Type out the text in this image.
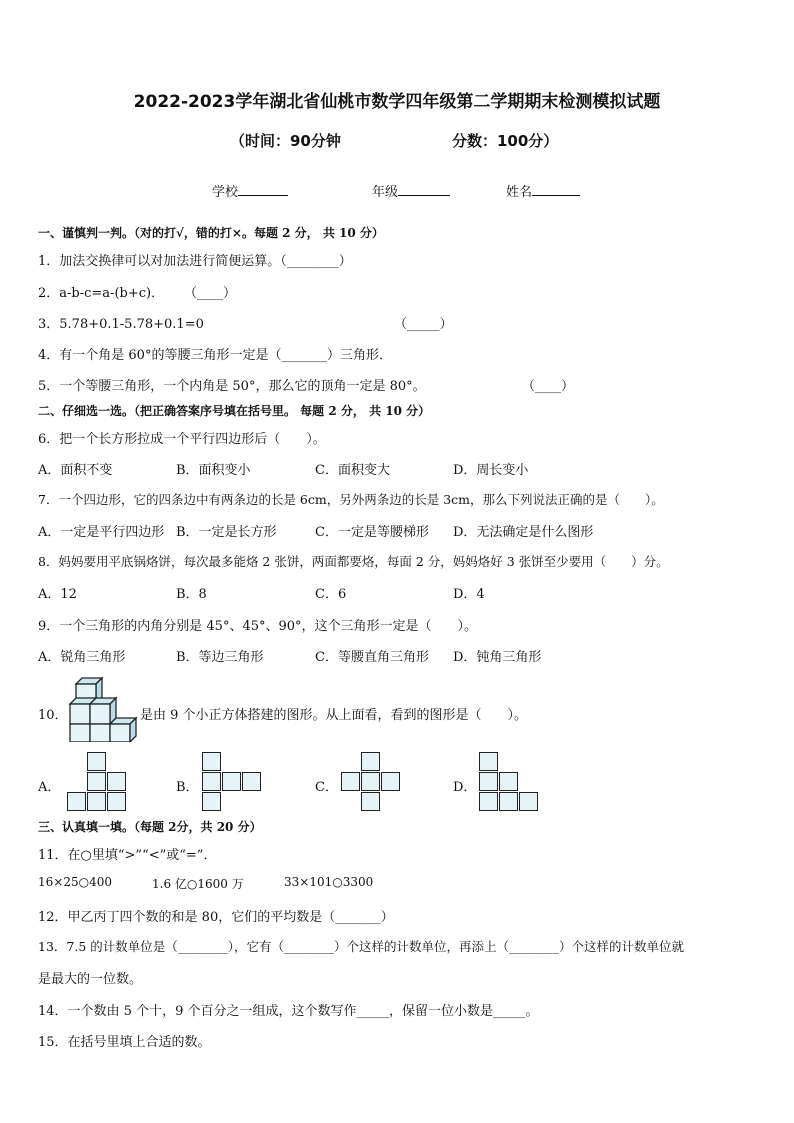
2022-2023学年湖北省仙桃市数学四年级第二学期期末检测模拟试题
（时间：90分钟	分数：100分）
学校	年级	姓名
一、谨慎判一判。（对的打√，错的打×。每题 2 分， 共 10 分）
1．加法交换律可以对加法进行简便运算。（________）
2．a-b-c=a-(b+c)． （____）
3．5.78+0.1-5.78+0.1=0	（_____）
4．有一个角是 60°的等腰三角形一定是（_______）三角形．
5．一个等腰三角形，一个内角是 50°，那么它的顶角一定是 80°。	（____）
二、仔细选一选。（把正确答案序号填在括号里。 每题 2 分， 共 10 分）
6．把一个长方形拉成一个平行四边形后（　　）。
A．面积不变	B．面积变小	C．面积变大	D．周长变小
7．一个四边形，它的四条边中有两条边的长是 6cm，另外两条边的长是 3cm，那么下列说法正确的是（　　）。
A．一定是平行四边形 B．一定是长方形	C．一定是等腰梯形 D．无法确定是什么图形
8．妈妈要用平底锅烙饼，每次最多能烙 2 张饼，两面都要烙，每面 2 分，妈妈烙好 3 张饼至少要用（　　）分。
A．12	B．8	C．6	D．4
9．一个三角形的内角分别是 45°、45°、90°，这个三角形一定是（　　）。
A．锐角三角形	B．等边三角形	C．等腰直角三角形 D．钝角三角形
10．	是由 9 个小正方体搭建的图形。从上面看，看到的图形是（　　）。
A．	B．	C．	D．
三、认真填一填。（每题 2分，共 20 分）
11．在○里填“>”“<”或“=”．
16×25○400	1.6 亿○1600 万	33×101○3300
12．甲乙丙丁四个数的和是 80，它们的平均数是（_______）
13．7.5 的计数单位是（________），它有（________）个这样的计数单位，再添上（________）个这样的计数单位就
是最大的一位数。
14．一个数由 5 个十，9 个百分之一组成，这个数写作_____，保留一位小数是_____。
15．在括号里填上合适的数。
